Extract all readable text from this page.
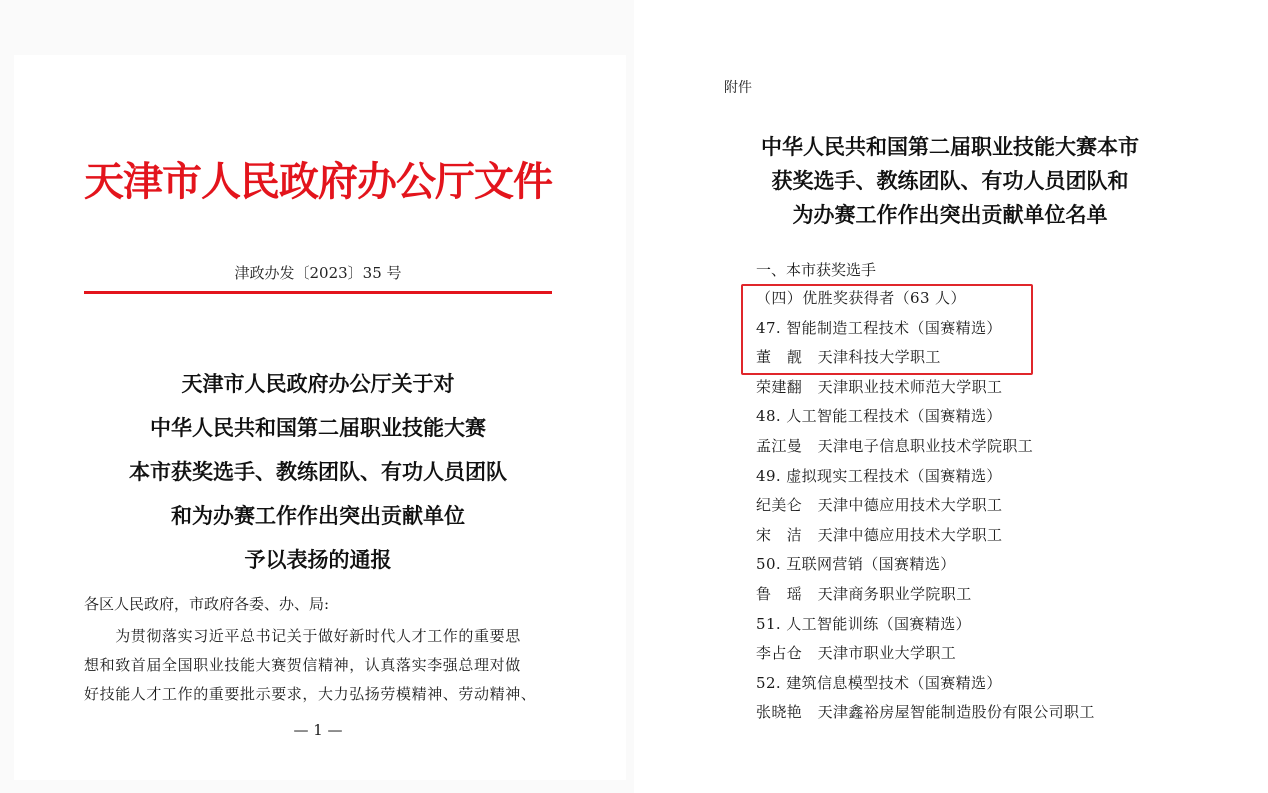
天津市人民政府办公厅文件
津政办发〔2023〕35 号
天津市人民政府办公厅关于对
中华人民共和国第二届职业技能大赛
本市获奖选手、教练团队、有功人员团队
和为办赛工作作出突出贡献单位
予以表扬的通报
各区人民政府，市政府各委、办、局:
　　为贯彻落实习近平总书记关于做好新时代人才工作的重要思
想和致首届全国职业技能大赛贺信精神，认真落实李强总理对做
好技能人才工作的重要批示要求，大力弘扬劳模精神、劳动精神、
— 1 —
附件
中华人民共和国第二届职业技能大赛本市
获奖选手、教练团队、有功人员团队和
为办赛工作作出突出贡献单位名单
一、本市获奖选手
（四）优胜奖获得者（63 人）
47. 智能制造工程技术（国赛精选）
董　靓　天津科技大学职工
荣建翻　天津职业技术师范大学职工
48. 人工智能工程技术（国赛精选）
孟江曼　天津电子信息职业技术学院职工
49. 虚拟现实工程技术（国赛精选）
纪美仑　天津中德应用技术大学职工
宋　洁　天津中德应用技术大学职工
50. 互联网营销（国赛精选）
鲁　瑶　天津商务职业学院职工
51. 人工智能训练（国赛精选）
李占仓　天津市职业大学职工
52. 建筑信息模型技术（国赛精选）
张晓艳　天津鑫裕房屋智能制造股份有限公司职工
